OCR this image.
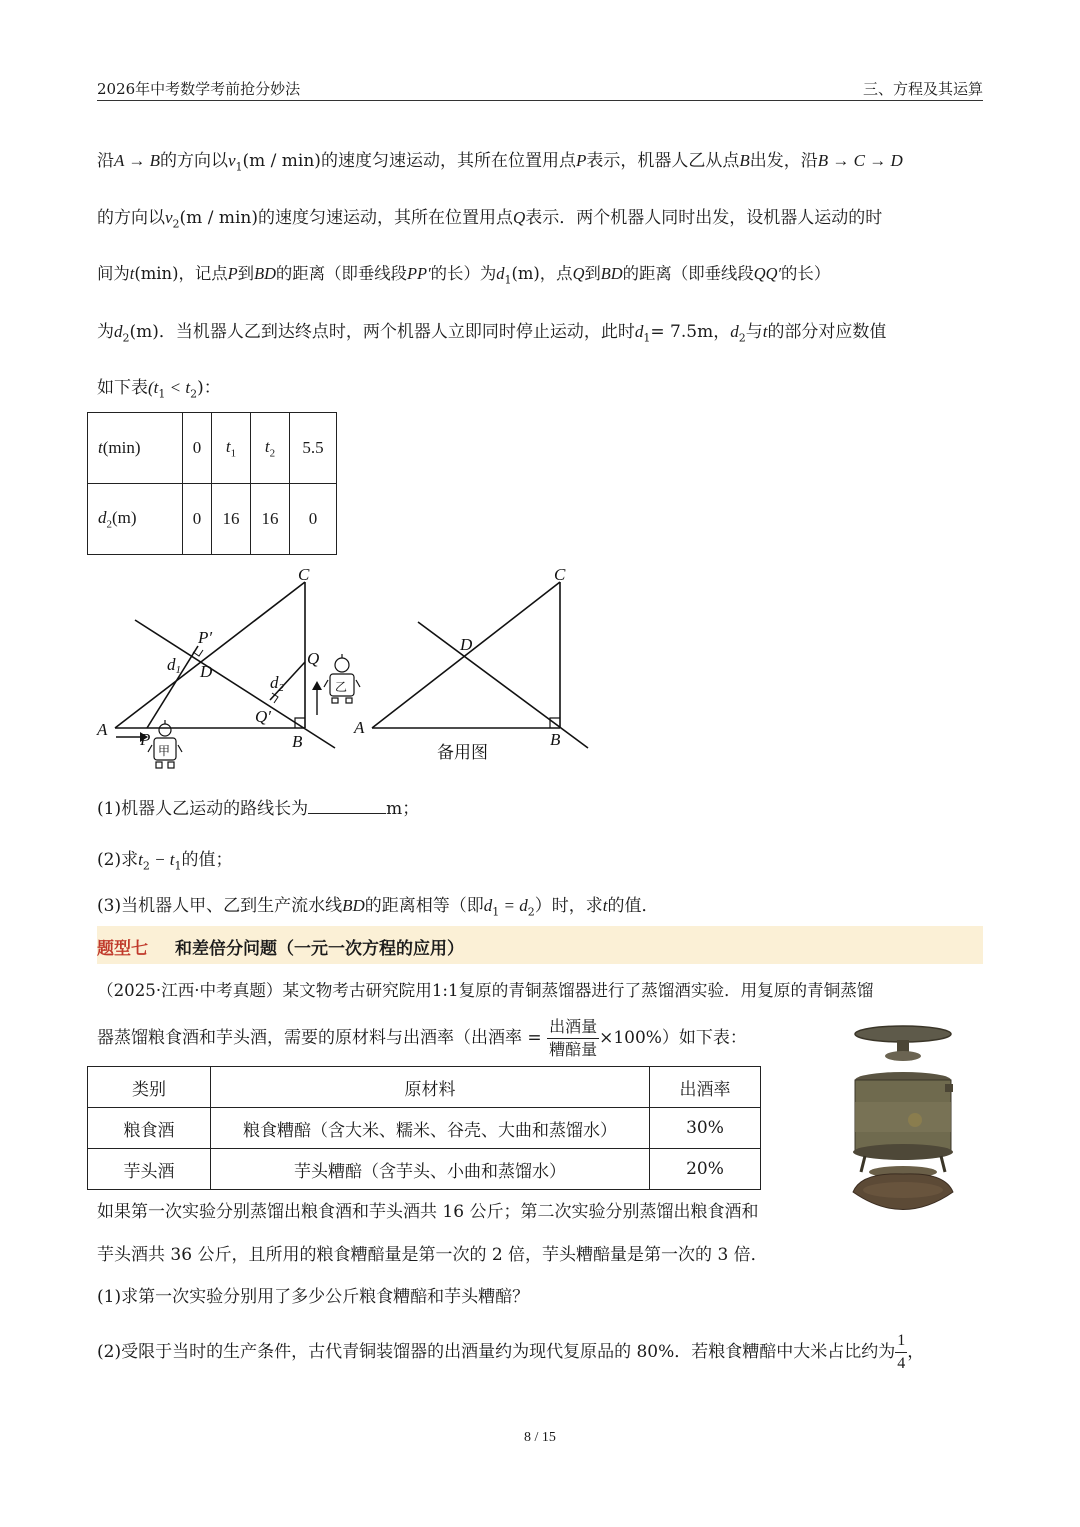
2026年中考数学考前抢分妙法	三、方程及其运算
沿A → B的方向以$v_1(m / \min)$的速度匀速运动，其所在位置用点P表示，机器人乙从点B出发，沿B → C → D
的方向以$v_2(m / \min)$的速度匀速运动，其所在位置用点Q表示．两个机器人同时出发，设机器人运动的时
间为t(min)，记点P到BD的距离（即垂线段PP′的长）为$d_1(m)$，点Q到BD的距离（即垂线段QQ′的长）
为$d_2(m)$．当机器人乙到达终点时，两个机器人立即同时停止运动，此时$d_1= 7.5m$，$d_2$与t的部分对应数值
如下表$(t_1 < t_2)$：
t(min)	0	$t_1$	$t_2$	5.5
$d_2(m)$	0	16	16	0
甲
乙
C
P′
d1 D
Q
d2
Q′
A
P	B
C
D
A
B
备用图
(1)机器人乙运动的路线长为	m；
(2)求$t_2 - t_1$的值；
(3)当机器人甲、乙到生产流水线BD的距离相等（即$d_1 = d_2$）时，求t的值．
题型七 和差倍分问题（一元一次方程的应用）
（2025·江西·中考真题）某文物考古研究院用1:1复原的青铜蒸馏器进行了蒸馏酒实验．用复原的青铜蒸馏
器蒸馏粮食酒和芋头酒，需要的原材料与出酒率（出酒率 = $\frac{\text{出酒量}}{\text{糟醅量}} \times 100\%$）如下表：
类别	原材料	出酒率
粮食酒	粮食糟醅（含大米、糯米、谷壳、大曲和蒸馏水）	30%
芋头酒	芋头糟醅（含芋头、小曲和蒸馏水）	20%
如果第一次实验分别蒸馏出粮食酒和芋头酒共 16 公斤；第二次实验分别蒸馏出粮食酒和
芋头酒共 36 公斤，且所用的粮食糟醅量是第一次的 2 倍，芋头糟醅量是第一次的 3 倍．
(1)求第一次实验分别用了多少公斤粮食糟醅和芋头糟醅？
(2)受限于当时的生产条件，古代青铜装馏器的出酒量约为现代复原品的 80%．若粮食糟醅中大米占比约为 $\frac{1}{4}$ ，
8 / 15
